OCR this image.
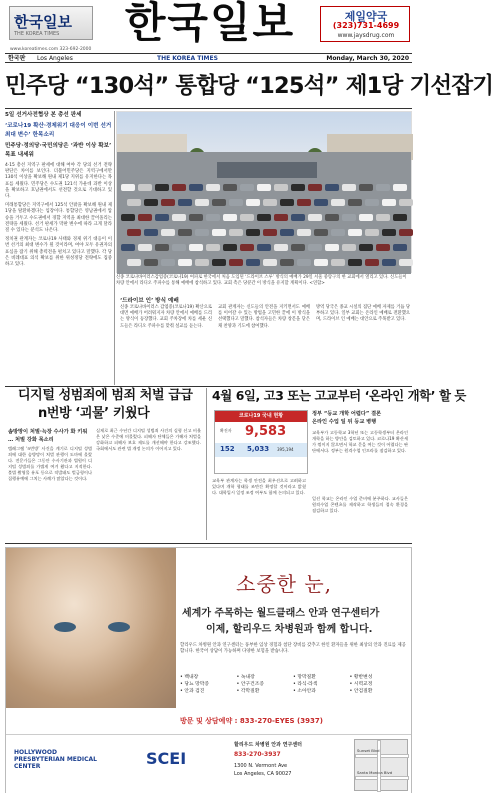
한국일보
THE KOREA TIMES	한국일보	제일약국
(323)731-4699
www.jaysdrug.com
www.koreatimes.com 323-692-2000
한국판 Los Angeles	THE KOREA TIMES	Monday, March 30, 2020
민주당 “130석” 통합당 “125석” 제1당 기선잡기
5일 선거사전협상 본 총선 판세
‘코로나19 확산·경제위기 대응이 이번 선거 최대 변수’ 한목소리
민주당·정의당·국민의당은 ‘과반 이상 확보’ 목표 내세워
4·15 총선 지역구 판세에 대해 여야 각 당의 선거 전략 판단은 차이를 보인다. 더불어민주당은 지역구에서만 130석 이상을 확보해 원내 제1당 지위를 유지한다는 목표를 세웠다. 민주당은 수도권 121석 가운데 과반 이상을 확보하고 호남권에서도 선전할 것으로 기대하고 있다.
미래통합당은 지역구에서 125석 안팎을 확보해 원내 제1당을 탈환하겠다는 입장이다. 통합당은 영남권에서 압승을 거두고 수도권에서 경합 지역을 최대한 끌어올리는 전략을 세웠다. 선거 판세가 막판 변수에 따라 크게 달라질 수 있다는 분석도 나온다.
정치권 관계자는 코로나19 사태와 경제 위기 대응이 이번 선거의 최대 변수가 될 것이라며, 여야 모두 유권자의 표심을 잡기 위해 총력전을 펼치고 있다고 말했다. 각 당은 비례대표 의석 확보를 위한 위성정당 전략에도 집중하고 있다.
신종 코로나바이러스감염증(코로나19) 여파로 한국에서 처음 도입된 ‘드라이브 스루’ 방식의 예배가 29일 서울 중랑구의 한 교회에서 열리고 있다. 신도들이 차량 안에서 라디오 주파수를 통해 예배에 참석하고 있다. 교회 측은 당분간 이 방식을 유지할 계획이다. <연합>
‘드라이브 인’ 방식 예배
신종 코로나바이러스 감염증(코로나19) 확산으로 대면 예배가 어려워지자 차량 안에서 예배를 드리는 방식이 등장했다. 교회 주차장에 차를 세운 신도들은 라디오 주파수를 맞춰 설교를 듣는다.
교회 관계자는 신도들의 안전을 지키면서도 예배를 이어갈 수 있는 방법을 고민한 끝에 이 방식을 선택했다고 말했다. 참석자들은 차량 창문을 닫은 채 찬양과 기도에 참여했다.
방역 당국은 종교 시설의 집단 예배 자제를 거듭 당부하고 있다. 일부 교회는 온라인 예배로 전환했으며, 드라이브 인 예배는 대안으로 주목받고 있다.
디지털 성범죄에 범죄 처벌 급급
n번방 ‘괴물’ 키웠다
솜방망이 처벌·늑장 수사가 화 키워 … 처벌 강화 목소리
텔레그램 ‘n번방’ 사건을 계기로 디지털 성범죄에 대한 솜방망이 처벌 관행이 도마에 올랐다. 전문가들은 그동안 수사기관과 법원이 디지털 성범죄를 가볍게 여겨 왔다고 지적한다. 불법 촬영물 유포 등으로 적발돼도 벌금형이나 집행유예에 그치는 사례가 많았다는 것이다.
실제로 최근 수년간 디지털 성범죄 사건의 실형 선고 비율은 낮은 수준에 머물렀다. 피해자 단체들은 가해자 처벌을 강화하고 피해자 보호 제도를 개선해야 한다고 강조했다. 국회에서도 관련 법 개정 논의가 이어지고 있다.
4월 6일, 고3 또는 고교부터 ‘온라인 개학’ 할 듯
코로나19 국내 현황
확진자 9,583
152 5,033 395,194
정부 “등교 개학 어렵다” 결론
온라인 수업 일 뒤 등교 병행
교육부가 고등학교 3학년 또는 고등학생부터 온라인 개학을 하는 방안을 검토하고 있다. 코로나19 확산세가 꺾이지 않으면서 학교 문을 여는 것이 어렵다는 판단에서다. 정부는 원격수업 인프라를 점검하고 있다.
교육부 관계자는 학생 안전을 최우선으로 고려하고 있다며 개학 형태를 조만간 확정할 것이라고 밝혔다. 대학입시 일정 조정 여부도 함께 논의되고 있다.
일선 학교는 온라인 수업 준비에 분주하다. 교사들은 원격수업 콘텐츠를 제작하고 학생들의 접속 환경을 점검하고 있다.
소중한 눈,
세계가 주목하는 월드클래스 안과 연구센터가
이제, 할리우드 차병원과 함께 합니다.
할리우드 차병원 안과 연구센터는 풍부한 임상 경험과 첨단 장비를 갖추고 한인 환자들을 위한 최상의 안과 진료를 제공합니다. 한국어 상담이 가능하며 다양한 보험을 받습니다.
• 백내장	• 녹내장	• 망막질환	• 황반변성
• 당뇨 망막증	• 안구건조증	• 라식·라섹	• 시력교정
• 안과 검진	• 각막질환	• 소아안과	• 안검질환
방문 및 상담예약 : 833-270-EYES (3937)
HOLLYWOOD PRESBYTERIAN MEDICAL CENTER	SCEI
할리우드 차병원 안과 연구센터
833-270-3937
1300 N. Vermont Ave
Los Angeles, CA 90027
Sunset Blvd
Santa Monica Blvd
